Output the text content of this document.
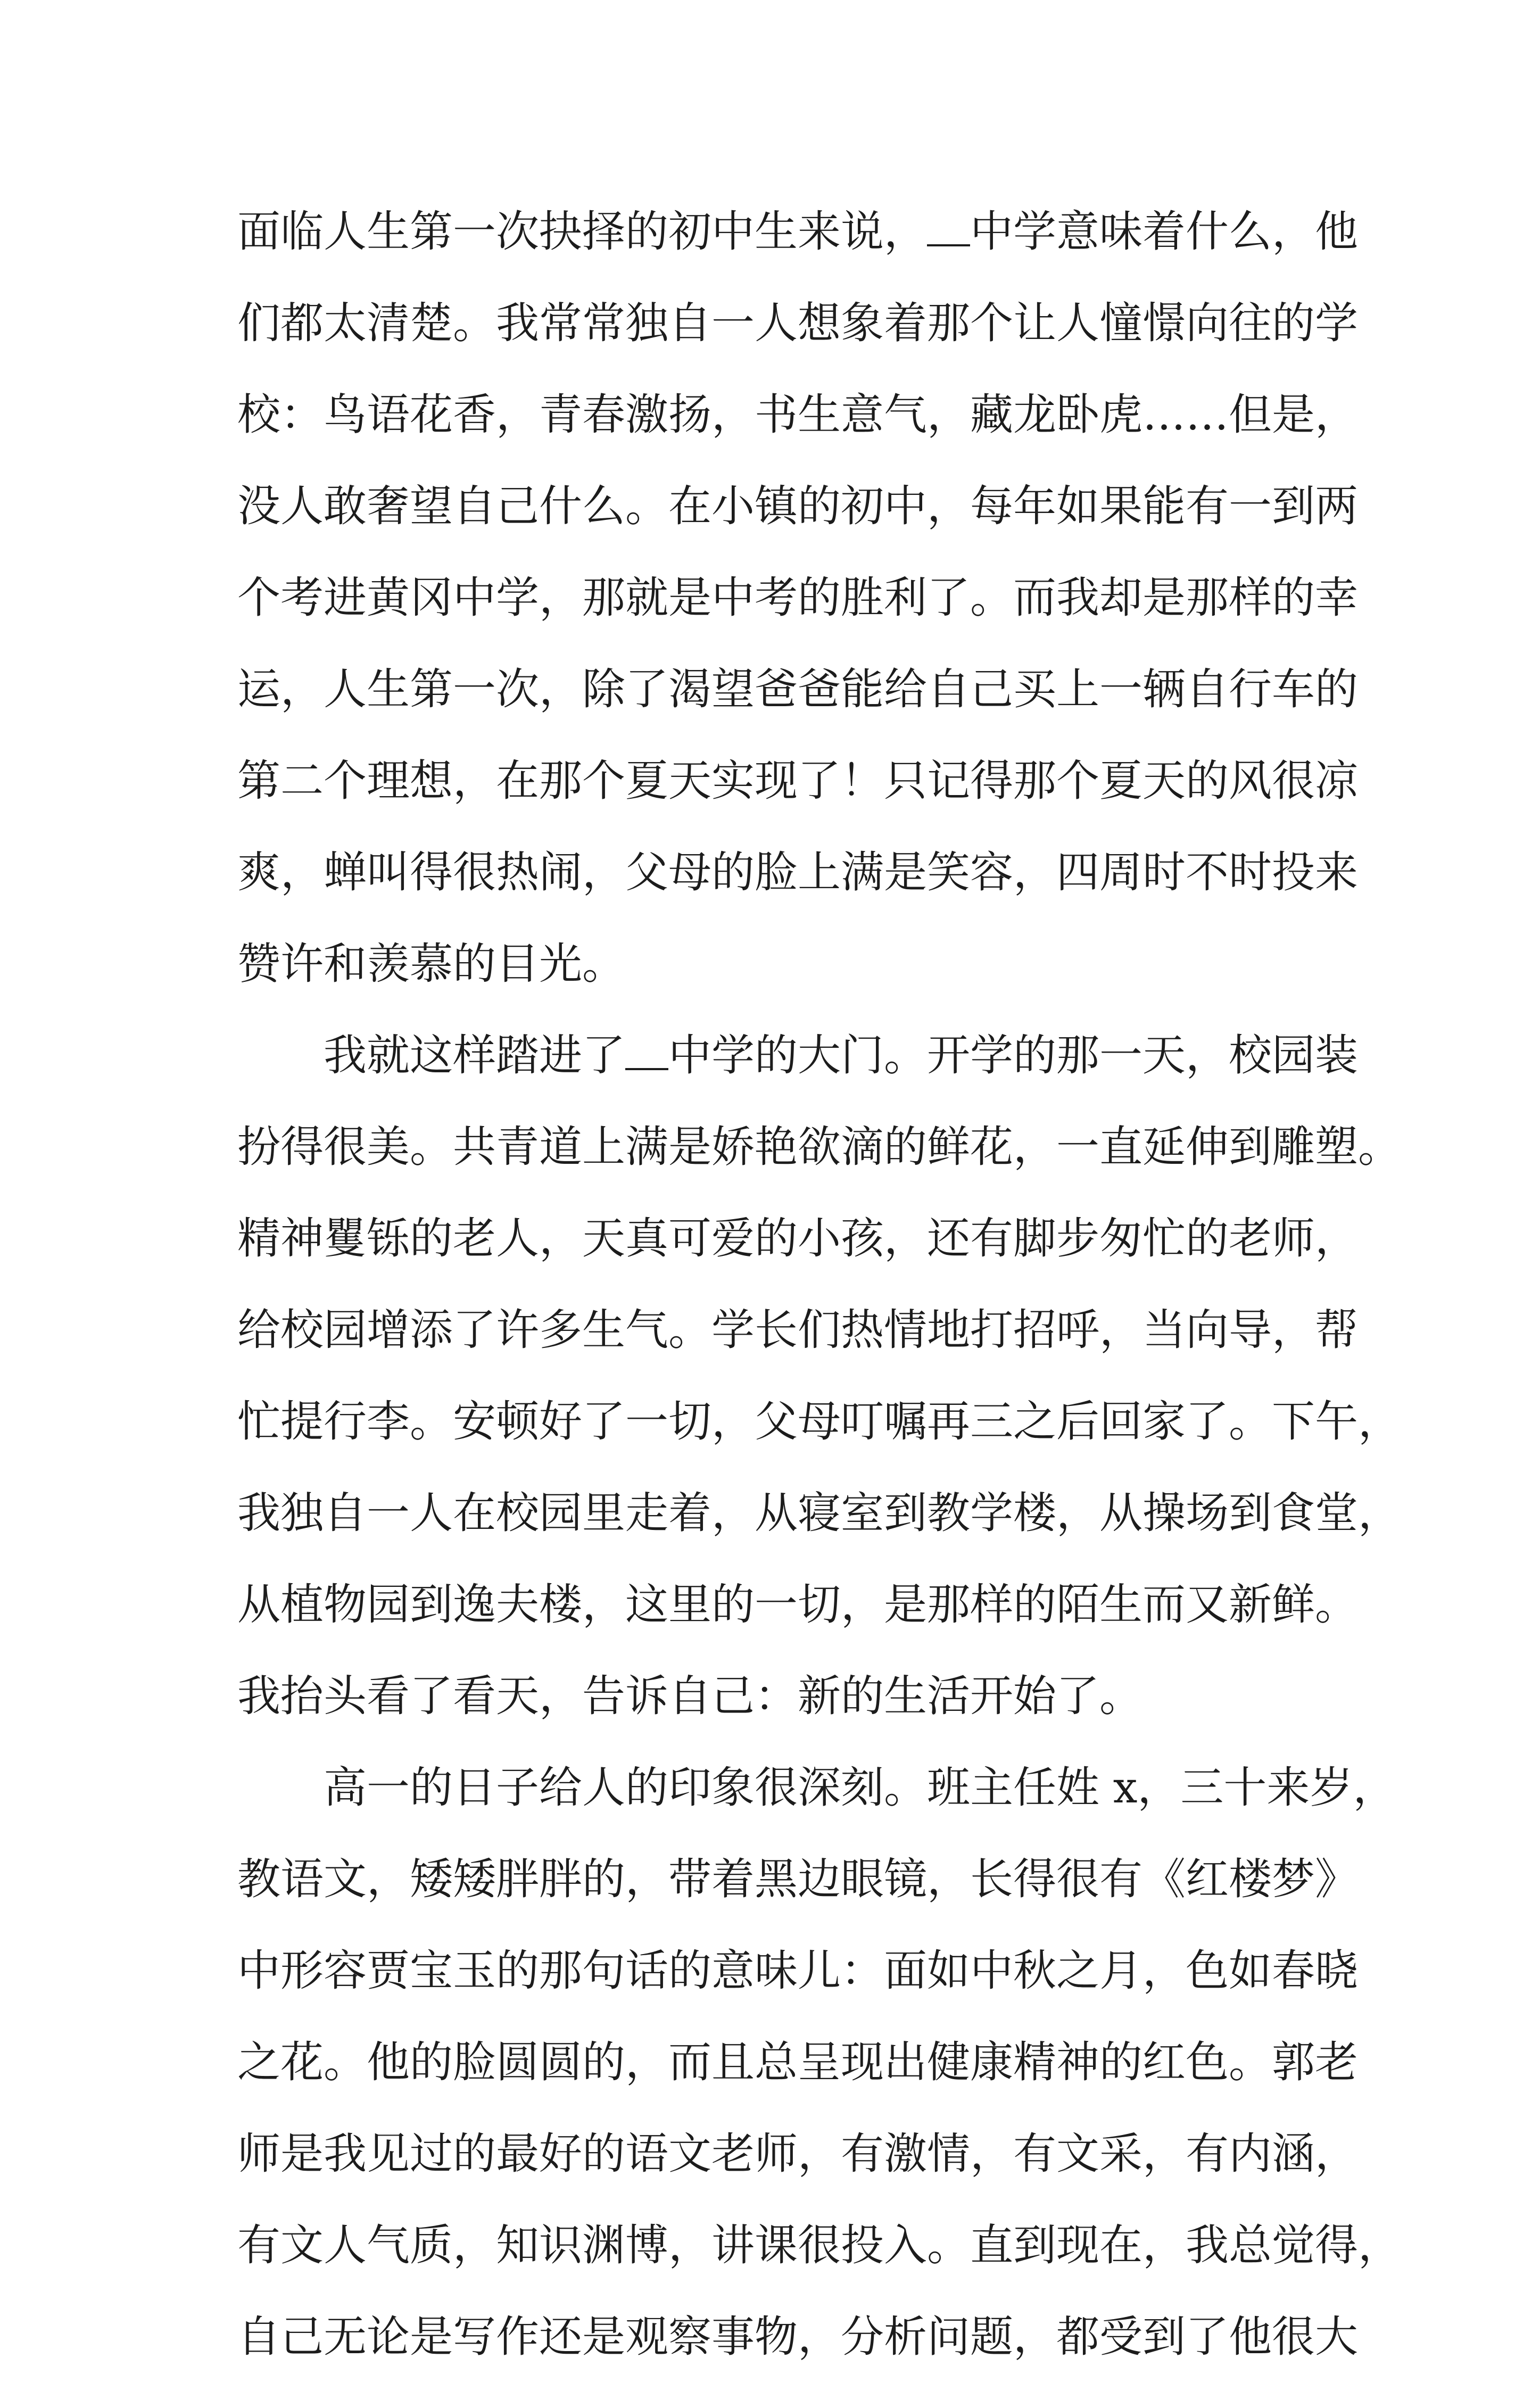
面临人生第一次抉择的初中生来说， 中学意味着什么，他
们都太清楚。我常常独自一人想象着那个让人憧憬向往的学
校：鸟语花香，青春激扬，书生意气，藏龙卧虎……但是，
没人敢奢望自己什么。在小镇的初中，每年如果能有一到两
个考进黄冈中学，那就是中考的胜利了。而我却是那样的幸
运，人生第一次，除了渴望爸爸能给自己买上一辆自行车的
第二个理想，在那个夏天实现了！只记得那个夏天的风很凉
爽，蝉叫得很热闹，父母的脸上满是笑容，四周时不时投来
赞许和羡慕的目光。
我就这样踏进了 中学的大门。开学的那一天，校园装
扮得很美。共青道上满是娇艳欲滴的鲜花，一直延伸到雕塑。
精神矍铄的老人，天真可爱的小孩，还有脚步匆忙的老师，
给校园增添了许多生气。学长们热情地打招呼，当向导，帮
忙提行李。安顿好了一切，父母叮嘱再三之后回家了。下午，
我独自一人在校园里走着，从寝室到教学楼，从操场到食堂，
从植物园到逸夫楼，这里的一切，是那样的陌生而又新鲜。
我抬头看了看天，告诉自己：新的生活开始了。
高一的日子给人的印象很深刻。班主任姓 x，三十来岁，
教语文，矮矮胖胖的，带着黑边眼镜，长得很有《红楼梦》
中形容贾宝玉的那句话的意味儿：面如中秋之月，色如春晓
之花。他的脸圆圆的，而且总呈现出健康精神的红色。郭老
师是我见过的最好的语文老师，有激情，有文采，有内涵，
有文人气质，知识渊博，讲课很投入。直到现在，我总觉得，
自己无论是写作还是观察事物，分析问题，都受到了他很大
